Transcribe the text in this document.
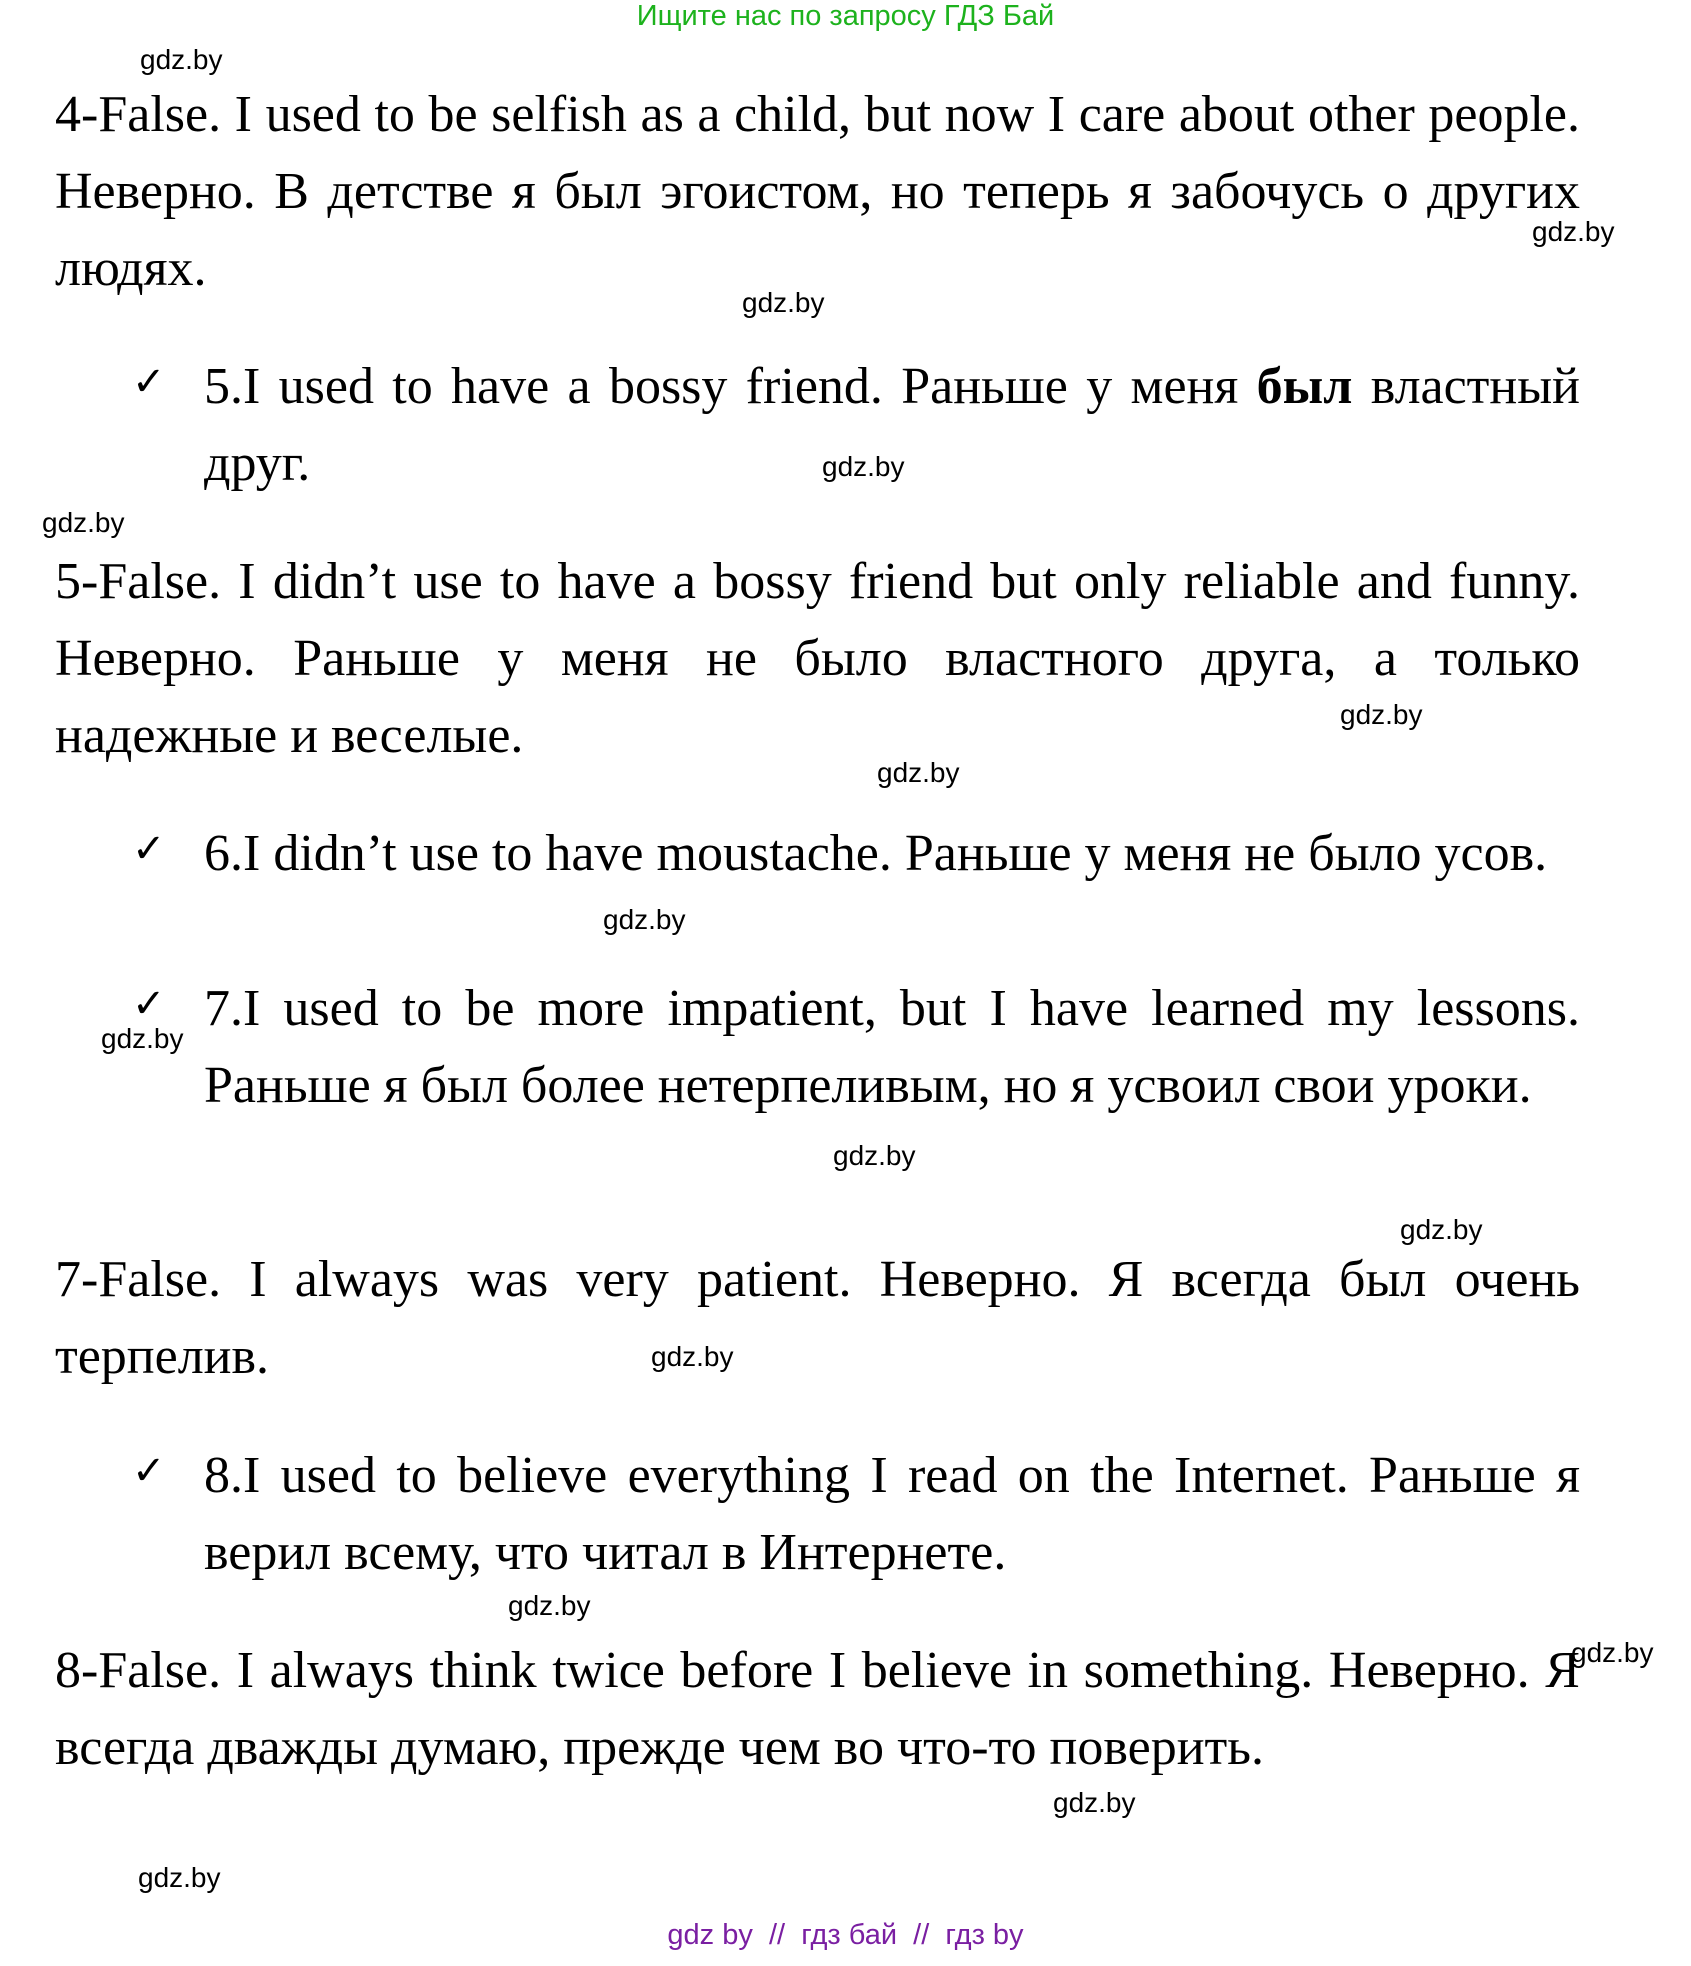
Ищите нас по запросу ГДЗ Бай
4-False. I used to be selfish as a child, but now I care about other people. Неверно. В детстве я был эгоистом, но теперь я забочусь о других людях.
✓ 5.I used to have a bossy friend. Раньше у меня был властный друг.
5-False. I didn’t use to have a bossy friend but only reliable and funny. Неверно. Раньше у меня не было властного друга, а только надежные и веселые.
✓ 6.I didn’t use to have moustache. Раньше у меня не было усов.
✓ 7.I used to be more impatient, but I have learned my lessons. Раньше я был более нетерпеливым, но я усвоил свои уроки.
7-False. I always was very patient. Неверно. Я всегда был очень терпелив.
✓ 8.I used to believe everything I read on the Internet. Раньше я верил всему, что читал в Интернете.
8-False. I always think twice before I believe in something. Неверно. Я всегда дважды думаю, прежде чем во что-то поверить.
gdz.by
gdz.by
gdz.by
gdz.by
gdz.by
gdz.by
gdz.by
gdz.by
gdz.by
gdz.by
gdz.by
gdz.by
gdz.by
gdz.by
gdz.by
gdz.by
gdz by  //  гдз бай  //  гдз by
